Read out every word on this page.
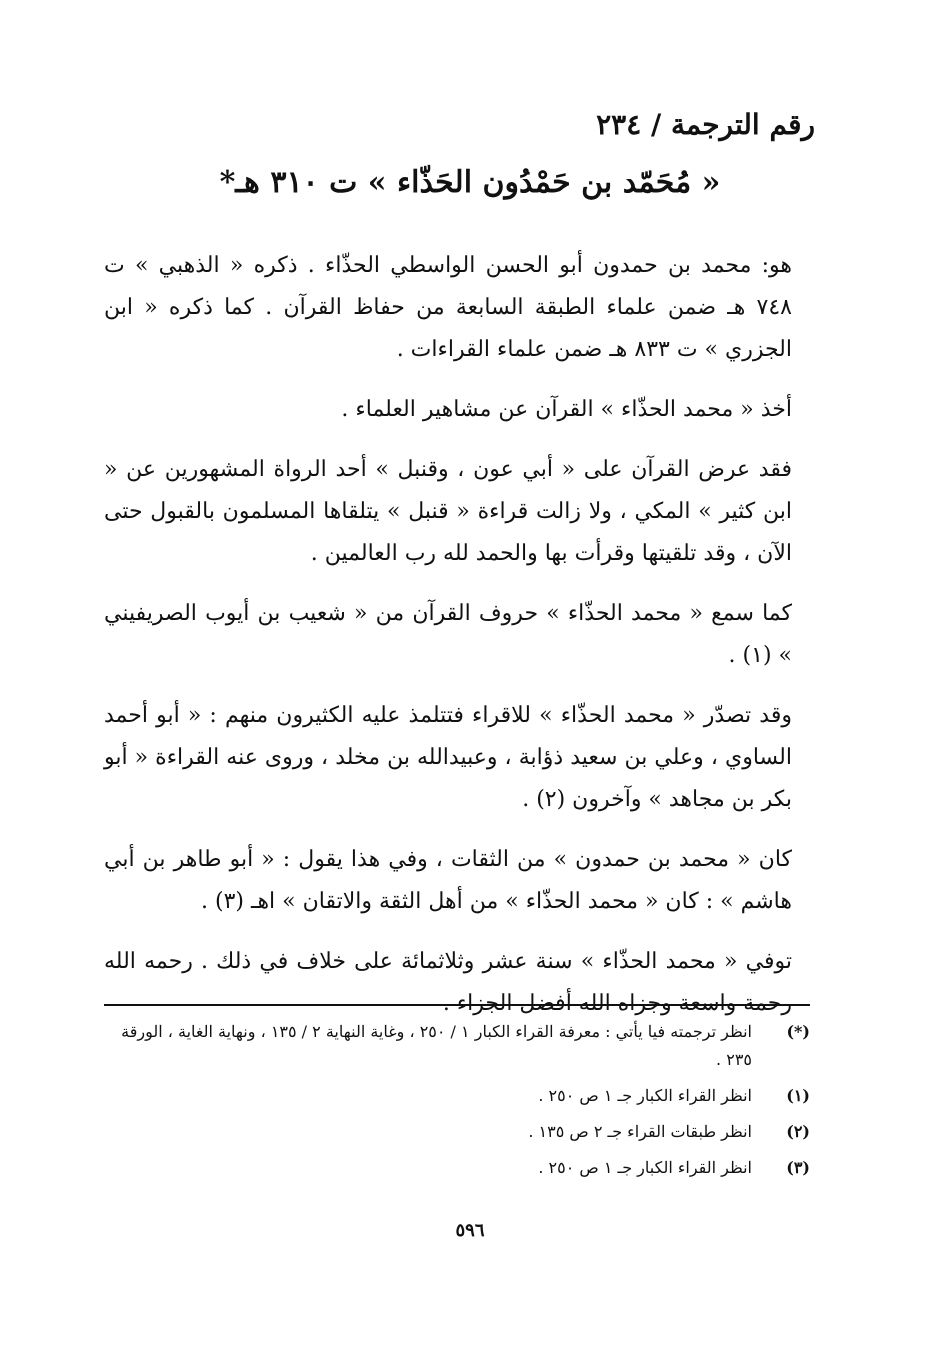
رقم الترجمة / ٢٣٤
« مُحَمّد بن حَمْدُون الحَذّاء » ت ٣١٠ هـ*

هو: محمد بن حمدون أبو الحسن الواسطي الحذّاء . ذكره « الذهبي » ت ٧٤٨ هـ ضمن علماء الطبقة السابعة من حفاظ القرآن . كما ذكره « ابن الجزري » ت ٨٣٣ هـ ضمن علماء القراءات .

أخذ « محمد الحذّاء » القرآن عن مشاهير العلماء .

فقد عرض القرآن على « أبي عون ، وقنبل » أحد الرواة المشهورين عن « ابن كثير » المكي ، ولا زالت قراءة « قنبل » يتلقاها المسلمون بالقبول حتى الآن ، وقد تلقيتها وقرأت بها والحمد لله رب العالمين .

كما سمع « محمد الحذّاء » حروف القرآن من « شعيب بن أيوب الصريفيني » (١) .

وقد تصدّر « محمد الحذّاء » للاقراء فتتلمذ عليه الكثيرون منهم : « أبو أحمد الساوي ، وعلي بن سعيد ذؤابة ، وعبيدالله بن مخلد ، وروى عنه القراءة « أبو بكر بن مجاهد » وآخرون (٢) .

كان « محمد بن حمدون » من الثقات ، وفي هذا يقول : « أبو طاهر بن أبي هاشم » : كان « محمد الحذّاء » من أهل الثقة والاتقان » اهـ (٣) .

توفي « محمد الحذّاء » سنة عشر وثلاثمائة على خلاف في ذلك . رحمه الله رحمة واسعة وجزاه الله أفضل الجزاء .

(*)
انظر ترجمته فيا يأتي : معرفة القراء الكبار ١ / ٢٥٠ ، وغاية النهاية ٢ / ١٣٥ ، ونهاية الغاية ، الورقة ٢٣٥ .
(١)
انظر القراء الكبار جـ ١ ص ٢٥٠ .
(٢)
انظر طبقات القراء جـ ٢ ص ١٣٥ .
(٣)
انظر القراء الكبار جـ ١ ص ٢٥٠ .
٥٩٦
